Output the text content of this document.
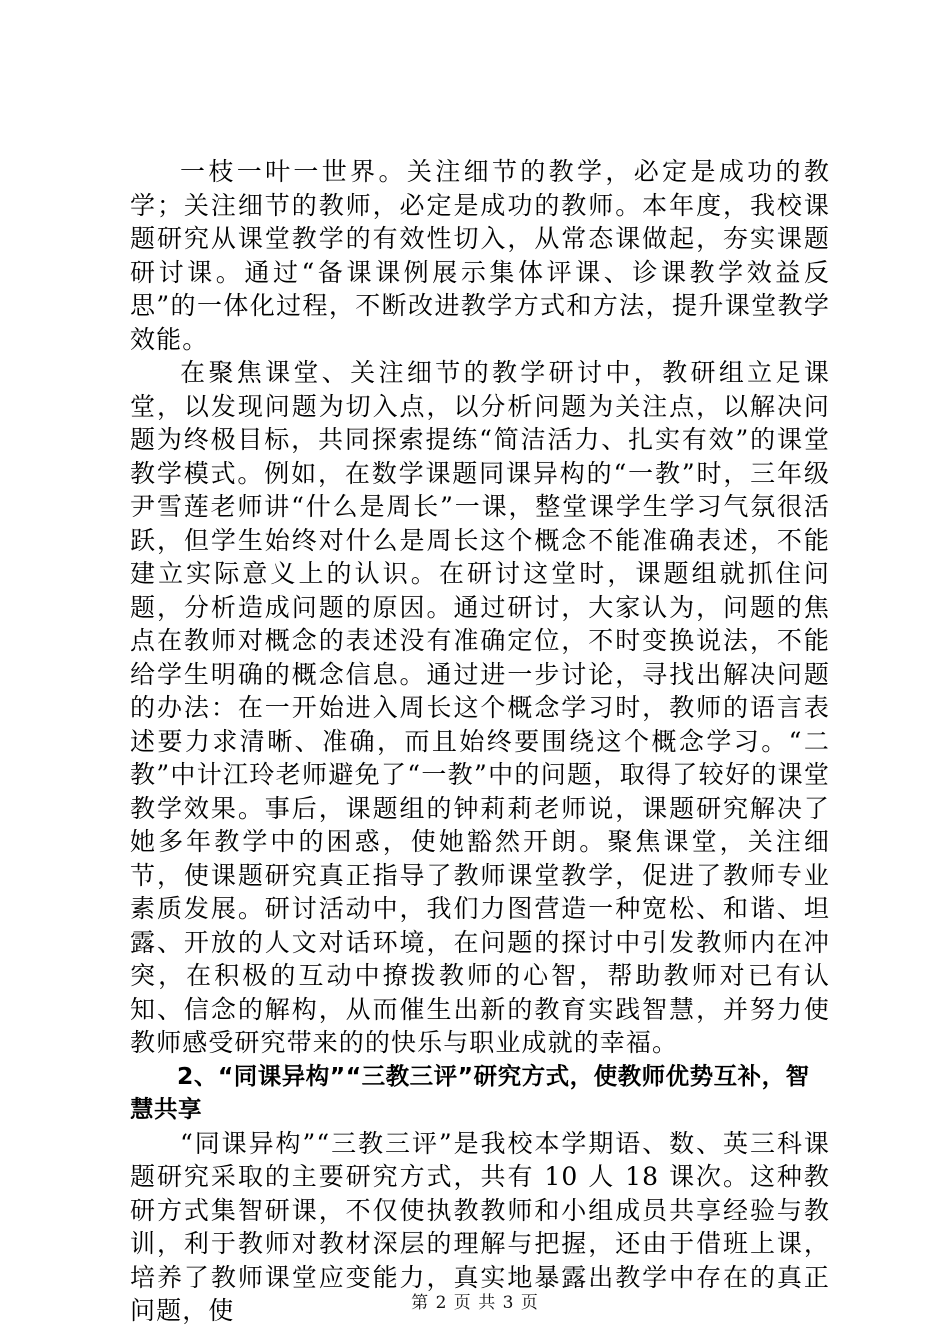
一枝一叶一世界。关注细节的教学，必定是成功的教学；关注细节的教师，必定是成功的教师。本年度，我校课题研究从课堂教学的有效性切入，从常态课做起，夯实课题研讨课。通过“备课课例展示集体评课、诊课教学效益反思”的一体化过程，不断改进教学方式和方法，提升课堂教学效能。

在聚焦课堂、关注细节的教学研讨中，教研组立足课堂，以发现问题为切入点，以分析问题为关注点，以解决问题为终极目标，共同探索提练“简洁活力、扎实有效”的课堂教学模式。例如，在数学课题同课异构的“一教”时，三年级尹雪莲老师讲“什么是周长”一课，整堂课学生学习气氛很活跃，但学生始终对什么是周长这个概念不能准确表述，不能建立实际意义上的认识。在研讨这堂时，课题组就抓住问题，分析造成问题的原因。通过研讨，大家认为，问题的焦点在教师对概念的表述没有准确定位，不时变换说法，不能给学生明确的概念信息。通过进一步讨论，寻找出解决问题的办法：在一开始进入周长这个概念学习时，教师的语言表述要力求清晰、准确，而且始终要围绕这个概念学习。“二教”中计江玲老师避免了“一教”中的问题，取得了较好的课堂教学效果。事后，课题组的钟莉莉老师说，课题研究解决了她多年教学中的困惑，使她豁然开朗。聚焦课堂，关注细节，使课题研究真正指导了教师课堂教学，促进了教师专业素质发展。研讨活动中，我们力图营造一种宽松、和谐、坦露、开放的人文对话环境，在问题的探讨中引发教师内在冲突，在积极的互动中撩拨教师的心智，帮助教师对已有认知、信念的解构，从而催生出新的教育实践智慧，并努力使教师感受研究带来的的快乐与职业成就的幸福。

2、“同课异构”“三教三评”研究方式，使教师优势互补，智慧共享

“同课异构”“三教三评”是我校本学期语、数、英三科课题研究采取的主要研究方式，共有 10 人 18 课次。这种教研方式集智研课，不仅使执教教师和小组成员共享经验与教训，利于教师对教材深层的理解与把握，还由于借班上课，培养了教师课堂应变能力，真实地暴露出教学中存在的真正问题，使	第 2 页 共 3 页
